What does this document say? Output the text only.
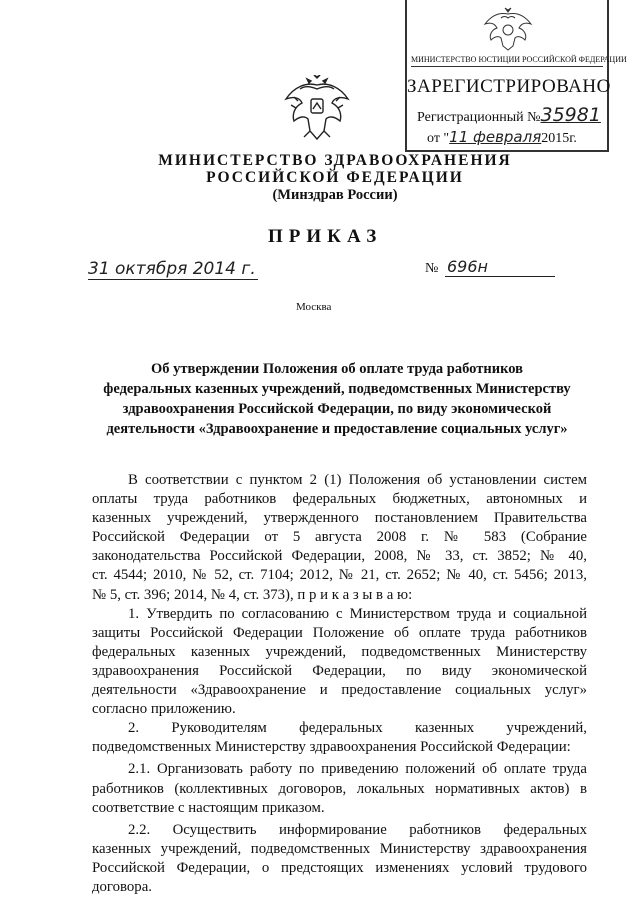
МИНИСТЕРСТВО ЮСТИЦИИ РОССИЙСКОЙ ФЕДЕРАЦИИ
ЗАРЕГИСТРИРОВАНО
Регистрационный №35981
от "11 февраля2015г.
МИНИСТЕРСТВО ЗДРАВООХРАНЕНИЯ
РОССИЙСКОЙ ФЕДЕРАЦИИ
(Минздрав России)
ПРИКАЗ
31 октября 2014 г.	№ 696н
Москва
Об утверждении Положения об оплате труда работников
федеральных казенных учреждений, подведомственных Министерству
здравоохранения Российской Федерации, по виду экономической
деятельности «Здравоохранение и предоставление социальных услуг»
В соответствии с пунктом 2 (1) Положения об установлении систем
оплаты труда работников федеральных бюджетных, автономных и
казенных учреждений, утвержденного постановлением Правительства
Российской Федерации от 5 августа 2008 г. № 583 (Собрание
законодательства Российской Федерации, 2008, № 33, ст. 3852; № 40,
ст. 4544; 2010, № 52, ст. 7104; 2012, № 21, ст. 2652; № 40, ст. 5456; 2013,
№ 5, ст. 396; 2014, № 4, ст. 373), п р и к а з ы в а ю:
1. Утвердить по согласованию с Министерством труда и социальной
защиты Российской Федерации Положение об оплате труда работников
федеральных казенных учреждений, подведомственных Министерству
здравоохранения Российской Федерации, по виду экономической
деятельности «Здравоохранение и предоставление социальных услуг»
согласно приложению.
2. Руководителям федеральных казенных учреждений,
подведомственных Министерству здравоохранения Российской Федерации:
2.1. Организовать работу по приведению положений об оплате труда
работников (коллективных договоров, локальных нормативных актов) в
соответствие с настоящим приказом.
2.2. Осуществить информирование работников федеральных
казенных учреждений, подведомственных Министерству здравоохранения
Российской Федерации, о предстоящих изменениях условий трудового
договора.
